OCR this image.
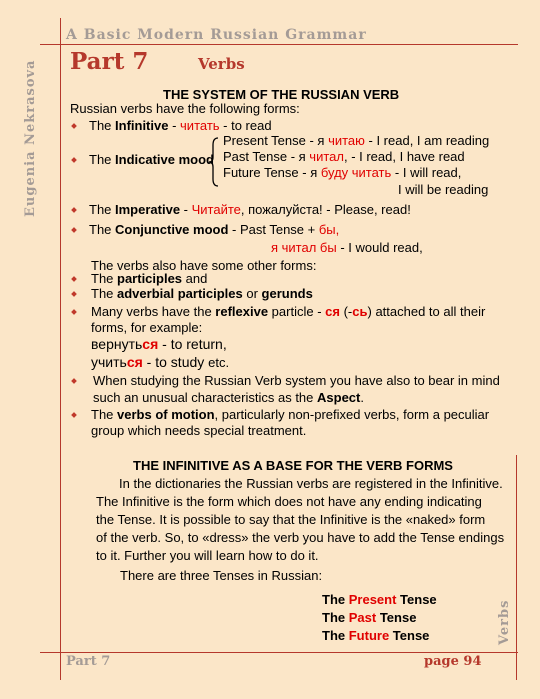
A Basic Modern Russian Grammar
Eugenia Nekrasova
Verbs
Part 7	Verbs
THE SYSTEM OF THE RUSSIAN VERB
Russian verbs have the following forms:
The Infinitive - читать - to read
The Indicative mood
Present Tense - я читаю - I read, I am reading
Past Tense - я читал, - I read, I have read
Future Tense - я буду читать - I will read,
I will be reading
The Imperative - Читайте, пожалуйста! - Please, read!
The Conjunctive mood - Past Tense + бы,
я читал бы - I would read,
The verbs also have some other forms:
The participles and
The adverbial participles or gerunds
Many verbs have the reflexive particle - ся (-сь) attached to all their
forms, for example:
вернуться - to return,
учиться - to study etc.
When studying the Russian Verb system you have also to bear in mind
such an unusual characteristics as the Aspect.
The verbs of motion, particularly non-prefixed verbs, form a peculiar
group which needs special treatment.
THE INFINITIVE AS A BASE FOR THE VERB FORMS
In the dictionaries the Russian verbs are registered in the Infinitive.
The Infinitive is the form which does not have any ending indicating
the Tense. It is possible to say that the Infinitive is the «naked» form
of the verb. So, to «dress» the verb you have to add the Tense endings
to it. Further you will learn how to do it.
There are three Tenses in Russian:
The Present Tense
The Past Tense
The Future Tense
Part 7	page 94
